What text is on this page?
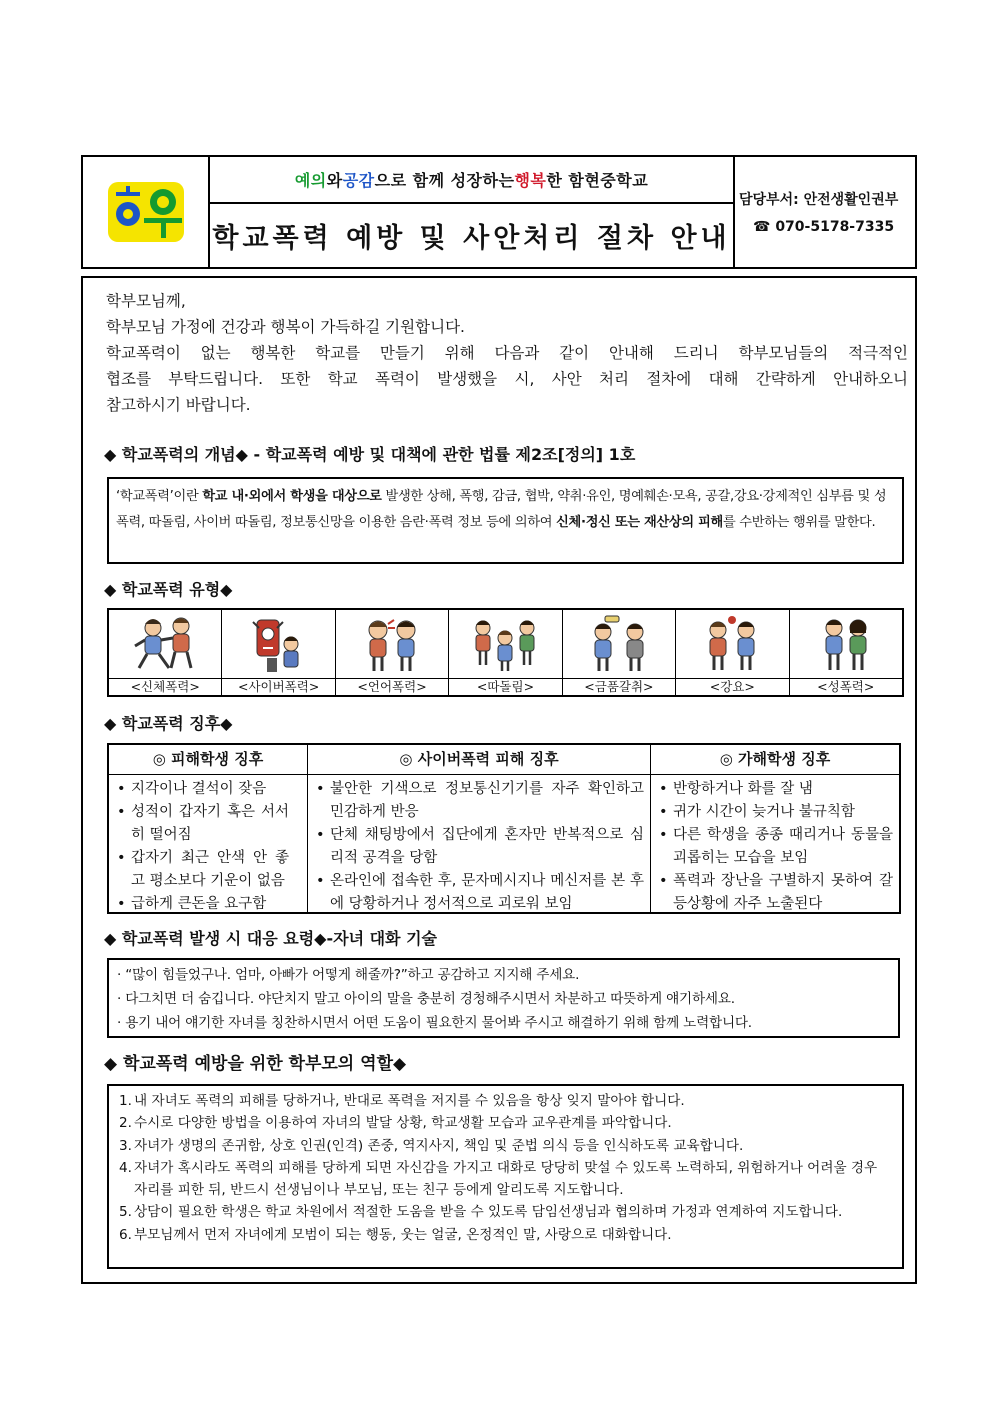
예의 와 공감 으로 함께 성장하는 행복 한 함현중학교
학교폭력 예방 및 사안처리 절차 안내
담당부서: 안전생활인권부
☎ 070-5178-7335

학부모님께,

학부모님 가정에 건강과 행복이 가득하길 기원합니다.

학교폭력이 없는 행복한 학교를 만들기 위해 다음과 같이 안내해 드리니 학부모님들의 적극적인

협조를 부탁드립니다. 또한 학교 폭력이 발생했을 시, 사안 처리 절차에 대해 간략하게 안내하오니

참고하시기 바랍니다.

◆ 학교폭력의 개념◆ - 학교폭력 예방 및 대책에 관한 법률 제2조[정의] 1호
‘학교폭력’이란 학교 내·외에서 학생을 대상으로 발생한 상해, 폭행, 감금, 협박, 약취·유인, 명예훼손·모욕, 공갈,강요·강제적인 심부름 및 성폭력, 따돌림, 사이버 따돌림, 정보통신망을 이용한 음란·폭력 정보 등에 의하여 신체·정신 또는 재산상의 피해를 수반하는 행위를 말한다.
◆ 학교폭력 유형◆
<신체폭력>	<사이버폭력>	<언어폭력>	<따돌림>	<금품갈취>	<강요>	<성폭력>
◆ 학교폭력 징후◆
◎ 피해학생 징후
• 지각이나 결석이 잦음
• 성적이 갑자기 혹은 서서히 떨어짐
• 갑자기 최근 안색 안 좋고 평소보다 기운이 없음
• 급하게 큰돈을 요구함
◎ 사이버폭력 피해 징후
• 불안한 기색으로 정보통신기기를 자주 확인하고 민감하게 반응
• 단체 채팅방에서 집단에게 혼자만 반복적으로 심리적 공격을 당함
• 온라인에 접속한 후, 문자메시지나 메신저를 본 후에 당황하거나 정서적으로 괴로워 보임
◎ 가해학생 징후
• 반항하거나 화를 잘 냄
• 귀가 시간이 늦거나 불규칙함
• 다른 학생을 종종 때리거나 동물을 괴롭히는 모습을 보임
• 폭력과 장난을 구별하지 못하여 갈등상황에 자주 노출된다
◆ 학교폭력 발생 시 대응 요령◆-자녀 대화 기술

· “많이 힘들었구나. 엄마, 아빠가 어떻게 해줄까?”하고 공감하고 지지해 주세요.

· 다그치면 더 숨깁니다. 야단치지 말고 아이의 말을 충분히 경청해주시면서 차분하고 따뜻하게 얘기하세요.

· 용기 내어 얘기한 자녀를 칭찬하시면서 어떤 도움이 필요한지 물어봐 주시고 해결하기 위해 함께 노력합니다.

◆ 학교폭력 예방을 위한 학부모의 역할◆
1. 내 자녀도 폭력의 피해를 당하거나, 반대로 폭력을 저지를 수 있음을 항상 잊지 말아야 합니다.
2. 수시로 다양한 방법을 이용하여 자녀의 발달 상황, 학교생활 모습과 교우관계를 파악합니다.
3. 자녀가 생명의 존귀함, 상호 인권(인격) 존중, 역지사지, 책임 및 준법 의식 등을 인식하도록 교육합니다.
4. 자녀가 혹시라도 폭력의 피해를 당하게 되면 자신감을 가지고 대화로 당당히 맞설 수 있도록 노력하되, 위험하거나 어려울 경우 자리를 피한 뒤, 반드시 선생님이나 부모님, 또는 친구 등에게 알리도록 지도합니다.
5. 상담이 필요한 학생은 학교 차원에서 적절한 도움을 받을 수 있도록 담임선생님과 협의하며 가정과 연계하여 지도합니다.
6. 부모님께서 먼저 자녀에게 모범이 되는 행동, 웃는 얼굴, 온정적인 말, 사랑으로 대화합니다.
